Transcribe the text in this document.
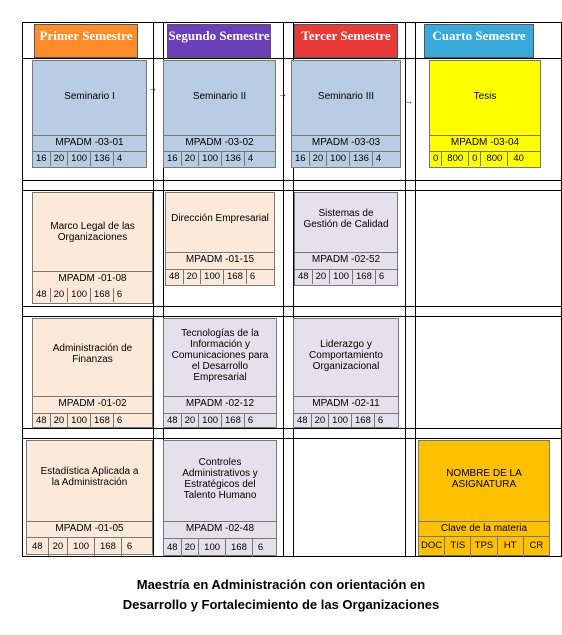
Primer Semestre	Segundo Semestre	Tercer Semestre	Cuarto Semestre
Seminario I
MPADM -03-01
16 20 100 136 4
→
Seminario II
MPADM -03-02
16 20 100 136 4
→	Seminario III
MPADM -03-03
16 20 100 136 4
→	Tesis
MPADM -03-04
0 800 0 800	40
Marco Legal de las Organizaciones
MPADM -01-08
48 20 100 168 6
Dirección Empresarial
MPADM -01-15
48 20 100 168 6
Sistemas de Gestión de Calidad
MPADM -02-52
48 20 100 168 6
Administración de Finanzas
MPADM -01-02
48 20 100 168 6
Tecnologías de la Información y Comunicaciones para el Desarrollo Empresarial
MPADM -02-12
48 20 100 168 6
Liderazgo y Comportamiento Organizacional
MPADM -02-11
48 20 100 168 6
Estadística Aplicada a la Administración
MPADM -01-05
48	20	100	168	6
Controles Administrativos y Estratégicos del Talento Humano
MPADM -02-48
48 20 100	168	6
NOMBRE DE LA ASIGNATURA
Clave de la materia
DOC TIS	TPS	HT	CR
Maestría en Administración con orientación en
Desarrollo y Fortalecimiento de las Organizaciones
